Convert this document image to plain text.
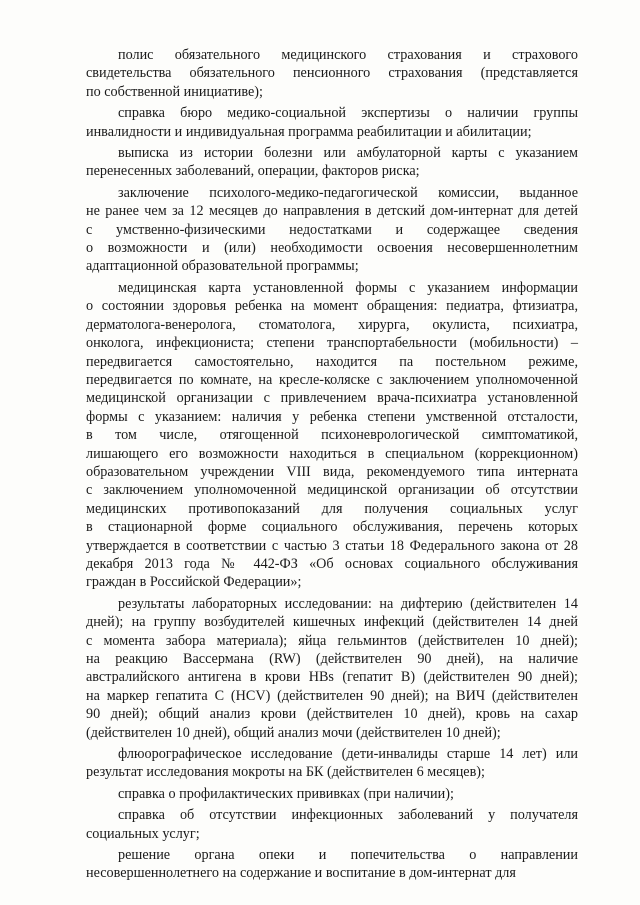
полис обязательного медицинского страхования и страхового
свидетельства обязательного пенсионного страхования (представляется
по собственной инициативе);
справка бюро медико-социальной экспертизы о наличии группы
инвалидности и индивидуальная программа реабилитации и абилитации;
выписка из истории болезни или амбулаторной карты с указанием
перенесенных заболеваний, операции, факторов риска;
заключение психолого-медико-педагогической комиссии, выданное
не ранее чем за 12 месяцев до направления в детский дом-интернат для детей
с умственно-физическими недостатками и содержащее сведения
о возможности и (или) необходимости освоения несовершеннолетним
адаптационной образовательной программы;
медицинская карта установленной формы с указанием информации
о состоянии здоровья ребенка на момент обращения: педиатра, фтизиатра,
дерматолога-венеролога, стоматолога, хирурга, окулиста, психиатра,
онколога, инфекциониста; степени транспортабельности (мобильности) –
передвигается самостоятельно, находится па постельном режиме,
передвигается по комнате, на кресле-коляске с заключением уполномоченной
медицинской организации с привлечением врача-психиатра установленной
формы с указанием: наличия у ребенка степени умственной отсталости,
в том числе, отягощенной психоневрологической симптоматикой,
лишающего его возможности находиться в специальном (коррекционном)
образовательном учреждении VIII вида, рекомендуемого типа интерната
с заключением уполномоченной медицинской организации об отсутствии
медицинских противопоказаний для получения социальных услуг
в стационарной форме социального обслуживания, перечень которых
утверждается в соответствии с частью 3 статьи 18 Федерального закона от 28
декабря 2013 года № 442-ФЗ «Об основах социального обслуживания
граждан в Российской Федерации»;
результаты лабораторных исследовании: на дифтерию (действителен 14
дней); на группу возбудителей кишечных инфекций (действителен 14 дней
с момента забора материала); яйца гельминтов (действителен 10 дней);
на реакцию Вассермана (RW) (действителен 90 дней), на наличие
австралийского антигена в крови HBs (гепатит В) (действителен 90 дней);
на маркер гепатита С (HCV) (действителен 90 дней); на ВИЧ (действителен
90 дней); общий анализ крови (действителен 10 дней), кровь на сахар
(действителен 10 дней), общий анализ мочи (действителен 10 дней);
флюорографическое исследование (дети-инвалиды старше 14 лет) или
результат исследования мокроты на БК (действителен 6 месяцев);
справка о профилактических прививках (при наличии);
справка об отсутствии инфекционных заболеваний у получателя
социальных услуг;
решение органа опеки и попечительства о направлении
несовершеннолетнего на содержание и воспитание в дом-интернат для
